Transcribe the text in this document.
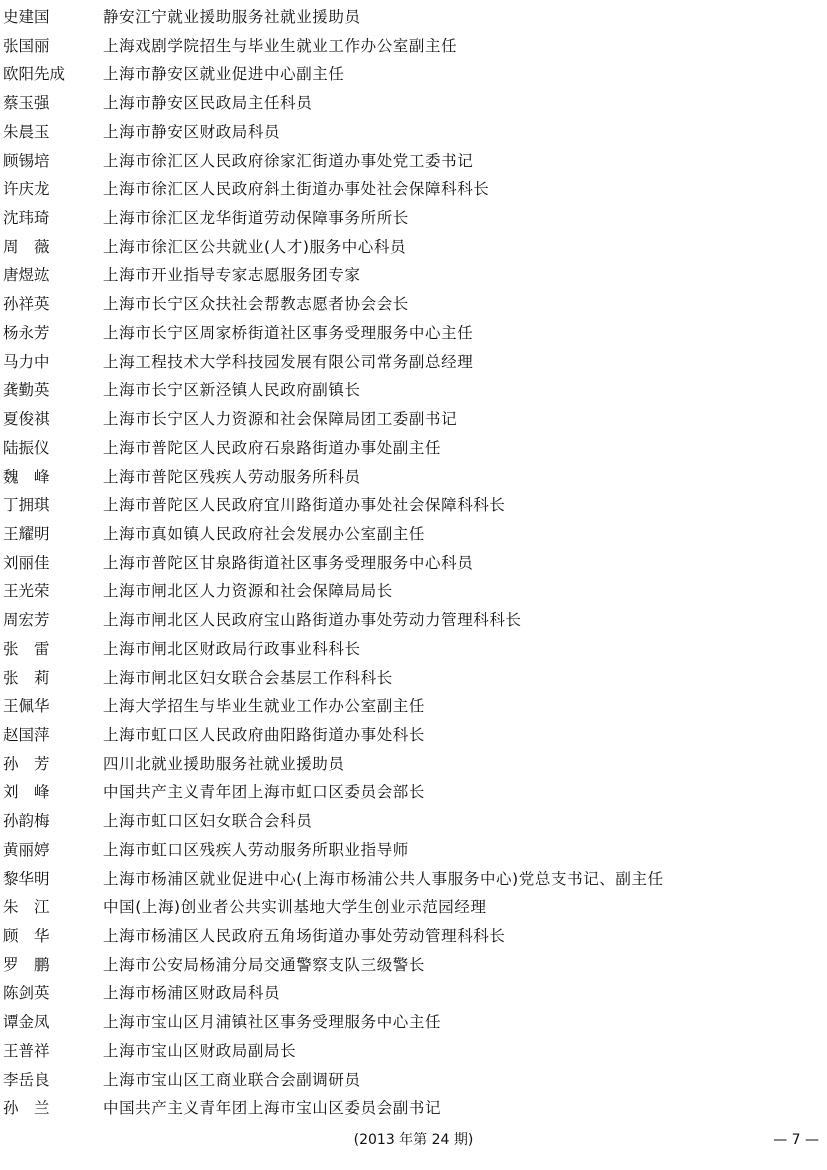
史建国	静安江宁就业援助服务社就业援助员
张国丽	上海戏剧学院招生与毕业生就业工作办公室副主任
欧阳先成	上海市静安区就业促进中心副主任
蔡玉强	上海市静安区民政局主任科员
朱晨玉	上海市静安区财政局科员
顾锡培	上海市徐汇区人民政府徐家汇街道办事处党工委书记
许庆龙	上海市徐汇区人民政府斜土街道办事处社会保障科科长
沈玮琦	上海市徐汇区龙华街道劳动保障事务所所长
周　薇	上海市徐汇区公共就业(人才)服务中心科员
唐煜竑	上海市开业指导专家志愿服务团专家
孙祥英	上海市长宁区众扶社会帮教志愿者协会会长
杨永芳	上海市长宁区周家桥街道社区事务受理服务中心主任
马力中	上海工程技术大学科技园发展有限公司常务副总经理
龚勤英	上海市长宁区新泾镇人民政府副镇长
夏俊祺	上海市长宁区人力资源和社会保障局团工委副书记
陆振仪	上海市普陀区人民政府石泉路街道办事处副主任
魏　峰	上海市普陀区残疾人劳动服务所科员
丁拥琪	上海市普陀区人民政府宜川路街道办事处社会保障科科长
王耀明	上海市真如镇人民政府社会发展办公室副主任
刘丽佳	上海市普陀区甘泉路街道社区事务受理服务中心科员
王光荣	上海市闸北区人力资源和社会保障局局长
周宏芳	上海市闸北区人民政府宝山路街道办事处劳动力管理科科长
张　雷	上海市闸北区财政局行政事业科科长
张　莉	上海市闸北区妇女联合会基层工作科科长
王佩华	上海大学招生与毕业生就业工作办公室副主任
赵国萍	上海市虹口区人民政府曲阳路街道办事处科长
孙　芳	四川北就业援助服务社就业援助员
刘　峰	中国共产主义青年团上海市虹口区委员会部长
孙韵梅	上海市虹口区妇女联合会科员
黄丽婷	上海市虹口区残疾人劳动服务所职业指导师
黎华明	上海市杨浦区就业促进中心(上海市杨浦公共人事服务中心)党总支书记、副主任
朱　江	中国(上海)创业者公共实训基地大学生创业示范园经理
顾　华	上海市杨浦区人民政府五角场街道办事处劳动管理科科长
罗　鹏	上海市公安局杨浦分局交通警察支队三级警长
陈剑英	上海市杨浦区财政局科员
谭金凤	上海市宝山区月浦镇社区事务受理服务中心主任
王普祥	上海市宝山区财政局副局长
李岳良	上海市宝山区工商业联合会副调研员
孙　兰	中国共产主义青年团上海市宝山区委员会副书记
(2013 年第 24 期)	— 7 —
